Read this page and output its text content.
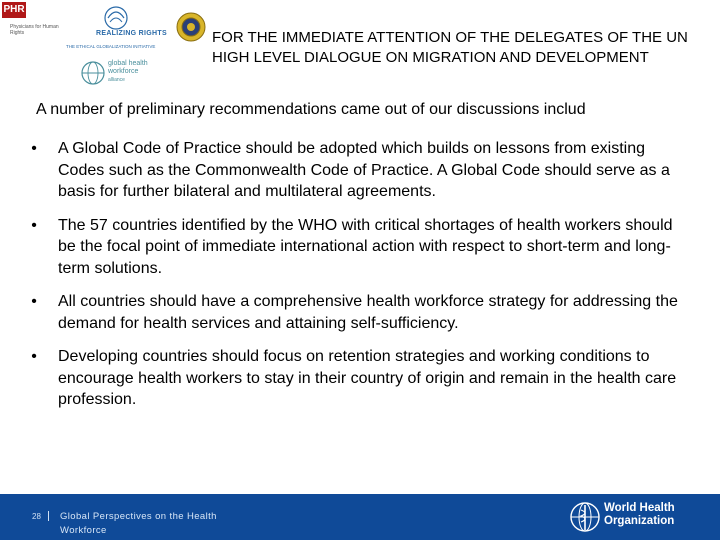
PHR
Physicians for Human Rights	REALIZING RIGHTS
THE ETHICAL GLOBALIZATION INITIATIVE
global health
workforce
alliance
FOR THE IMMEDIATE ATTENTION OF THE DELEGATES OF THE UN HIGH LEVEL DIALOGUE ON MIGRATION AND DEVELOPMENT
A number of preliminary recommendations came out of our discussions includ
• A Global Code of Practice should be adopted which builds on lessons from existing Codes such as the Commonwealth Code of Practice. A Global Code should serve as a basis for further bilateral and multilateral agreements.
• The 57 countries identified by the WHO with critical shortages of health workers should be the focal point of immediate international action with respect to short-term and long-term solutions.
• All countries should have a comprehensive health workforce strategy for addressing the demand for health services and attaining self-sufficiency.
• Developing countries should focus on retention strategies and working conditions to encourage health workers to stay in their country of origin and remain in the health care profession.
28 Global Perspectives on the Health Workforce
World Health
Organization
